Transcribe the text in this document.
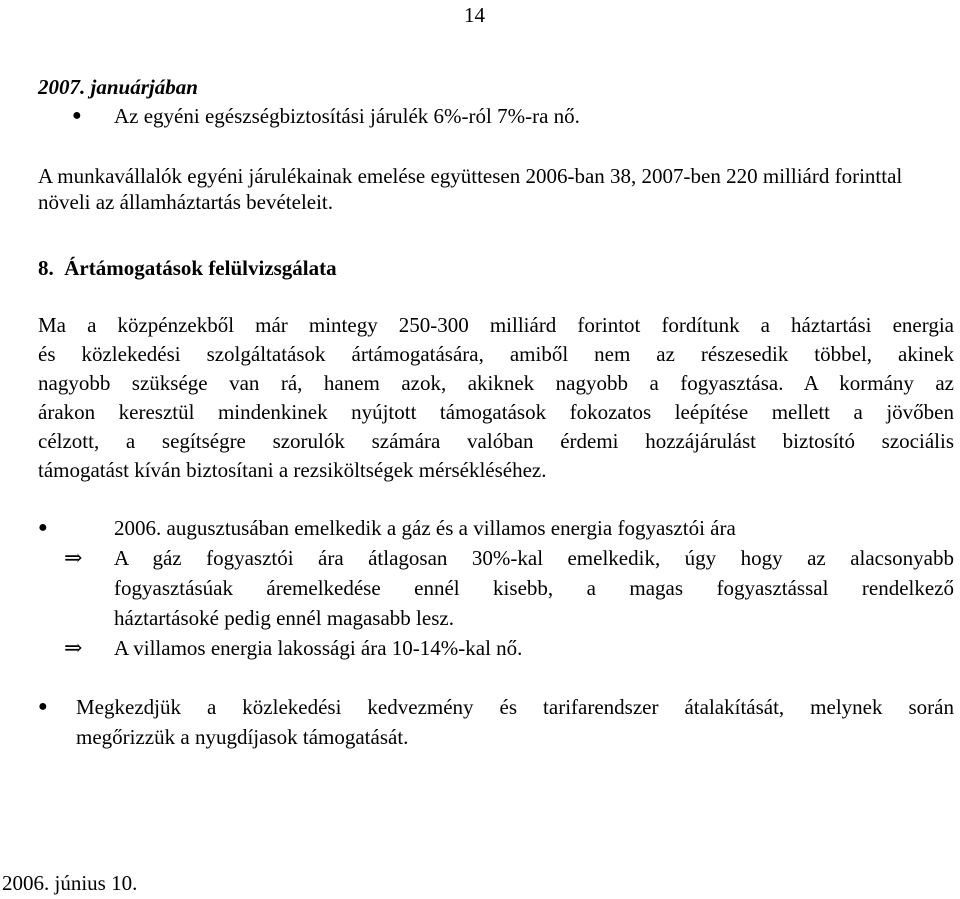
14
2007. januárjában
● Az egyéni egészségbiztosítási járulék 6%-ról 7%-ra nő.
A munkavállalók egyéni járulékainak emelése együttesen 2006-ban 38, 2007-ben 220 milliárd forinttal növeli az államháztartás bevételeit.
8. Ártámogatások felülvizsgálata
Ma a közpénzekből már mintegy 250-300 milliárd forintot fordítunk a háztartási energia
és közlekedési szolgáltatások ártámogatására, amiből nem az részesedik többel, akinek
nagyobb szüksége van rá, hanem azok, akiknek nagyobb a fogyasztása. A kormány az
árakon keresztül mindenkinek nyújtott támogatások fokozatos leépítése mellett a jövőben
célzott, a segítségre szorulók számára valóban érdemi hozzájárulást biztosító szociális
támogatást kíván biztosítani a rezsiköltségek mérsékléséhez.
●	2006. augusztusában emelkedik a gáz és a villamos energia fogyasztói ára
⇒ A gáz fogyasztói ára átlagosan 30%-kal emelkedik, úgy hogy az alacsonyabb
fogyasztásúak áremelkedése ennél kisebb, a magas fogyasztással rendelkező
háztartásoké pedig ennél magasabb lesz.
⇒ A villamos energia lakossági ára 10-14%-kal nő.
● Megkezdjük a közlekedési kedvezmény és tarifarendszer átalakítását, melynek során
megőrizzük a nyugdíjasok támogatását.
2006. június 10.
